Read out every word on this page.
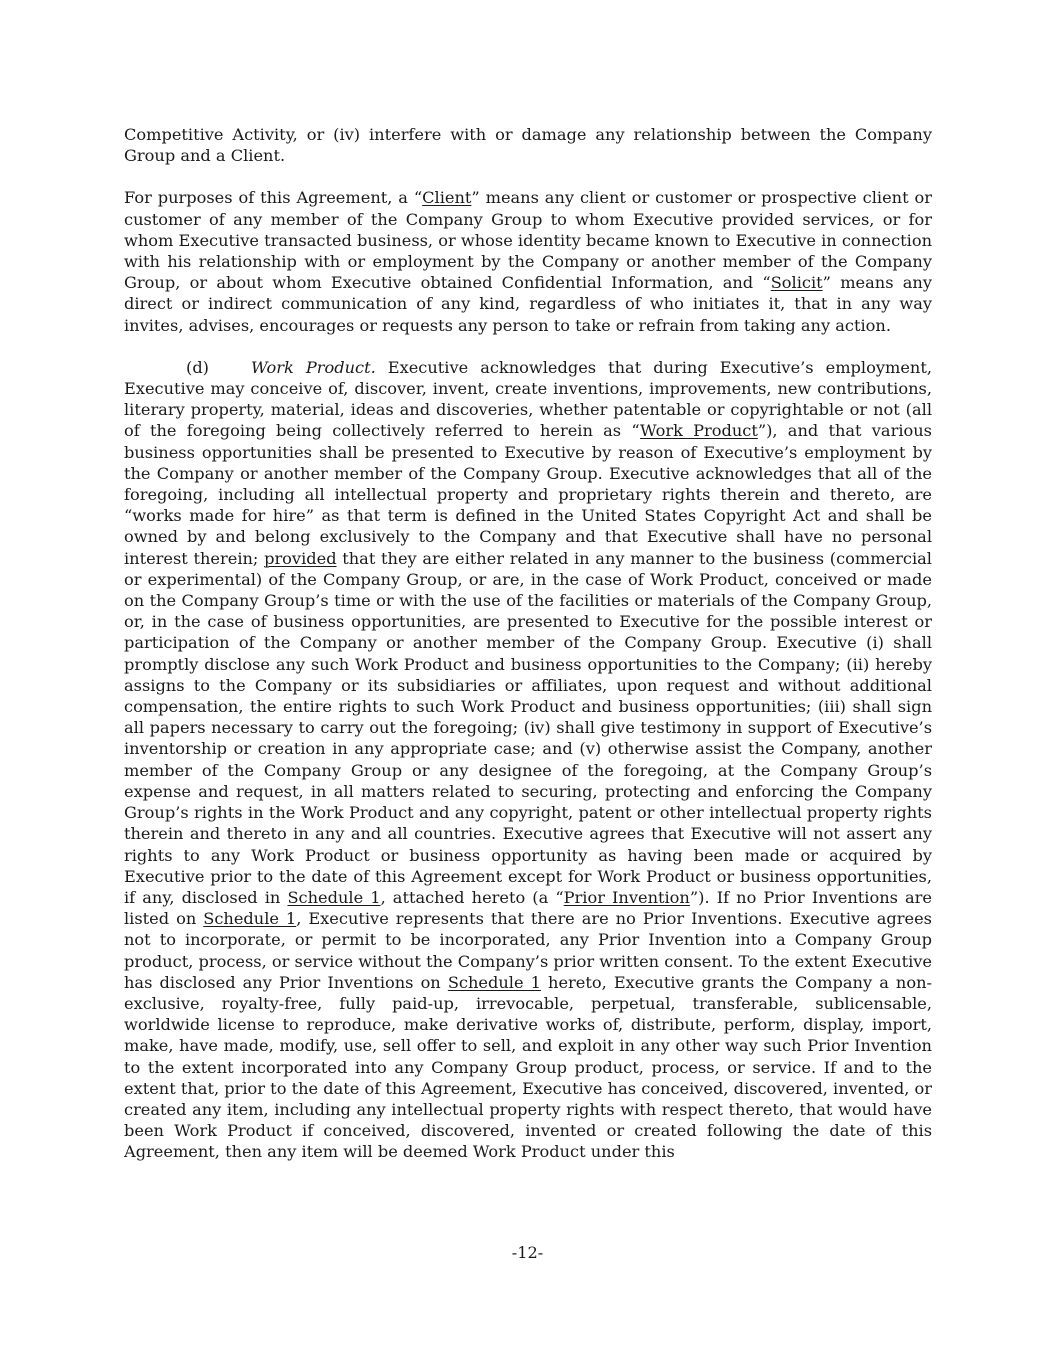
Competitive Activity, or (iv) interfere with or damage any relationship between the Company Group and a Client.

For purposes of this Agreement, a “Client” means any client or customer or prospective client or customer of any member of the Company Group to whom Executive provided services, or for whom Executive transacted business, or whose identity became known to Executive in connection with his relationship with or employment by the Company or another member of the Company Group, or about whom Executive obtained Confidential Information, and “Solicit” means any direct or indirect communication of any kind, regardless of who initiates it, that in any way invites, advises, encourages or requests any person to take or refrain from taking any action.

(d)	Work Product. Executive acknowledges that during Executive’s employment, Executive may conceive of, discover, invent, create inventions, improvements, new contributions, literary property, material, ideas and discoveries, whether patentable or copyrightable or not (all of the foregoing being collectively referred to herein as “Work Product”), and that various business opportunities shall be presented to Executive by reason of Executive’s employment by the Company or another member of the Company Group. Executive acknowledges that all of the foregoing, including all intellectual property and proprietary rights therein and thereto, are “works made for hire” as that term is defined in the United States Copyright Act and shall be owned by and belong exclusively to the Company and that Executive shall have no personal interest therein; provided that they are either related in any manner to the business (commercial or experimental) of the Company Group, or are, in the case of Work Product, conceived or made on the Company Group’s time or with the use of the facilities or materials of the Company Group, or, in the case of business opportunities, are presented to Executive for the possible interest or participation of the Company or another member of the Company Group. Executive (i) shall promptly disclose any such Work Product and business opportunities to the Company; (ii) hereby assigns to the Company or its subsidiaries or affiliates, upon request and without additional compensation, the entire rights to such Work Product and business opportunities; (iii) shall sign all papers necessary to carry out the foregoing; (iv) shall give testimony in support of Executive’s inventorship or creation in any appropriate case; and (v) otherwise assist the Company, another member of the Company Group or any designee of the foregoing, at the Company Group’s expense and request, in all matters related to securing, protecting and enforcing the Company Group’s rights in the Work Product and any copyright, patent or other intellectual property rights therein and thereto in any and all countries. Executive agrees that Executive will not assert any rights to any Work Product or business opportunity as having been made or acquired by Executive prior to the date of this Agreement except for Work Product or business opportunities, if any, disclosed in Schedule 1, attached hereto (a “Prior Invention”). If no Prior Inventions are listed on Schedule 1, Executive represents that there are no Prior Inventions. Executive agrees not to incorporate, or permit to be incorporated, any Prior Invention into a Company Group product, process, or service without the Company’s prior written consent. To the extent Executive has disclosed any Prior Inventions on Schedule 1 hereto, Executive grants the Company a non-exclusive, royalty-free, fully paid-up, irrevocable, perpetual, transferable, sublicensable, worldwide license to reproduce, make derivative works of, distribute, perform, display, import, make, have made, modify, use, sell offer to sell, and exploit in any other way such Prior Invention to the extent incorporated into any Company Group product, process, or service. If and to the extent that, prior to the date of this Agreement, Executive has conceived, discovered, invented, or created any item, including any intellectual property rights with respect thereto, that would have been Work Product if conceived, discovered, invented or created following the date of this Agreement, then any item will be deemed Work Product under this

-12-
